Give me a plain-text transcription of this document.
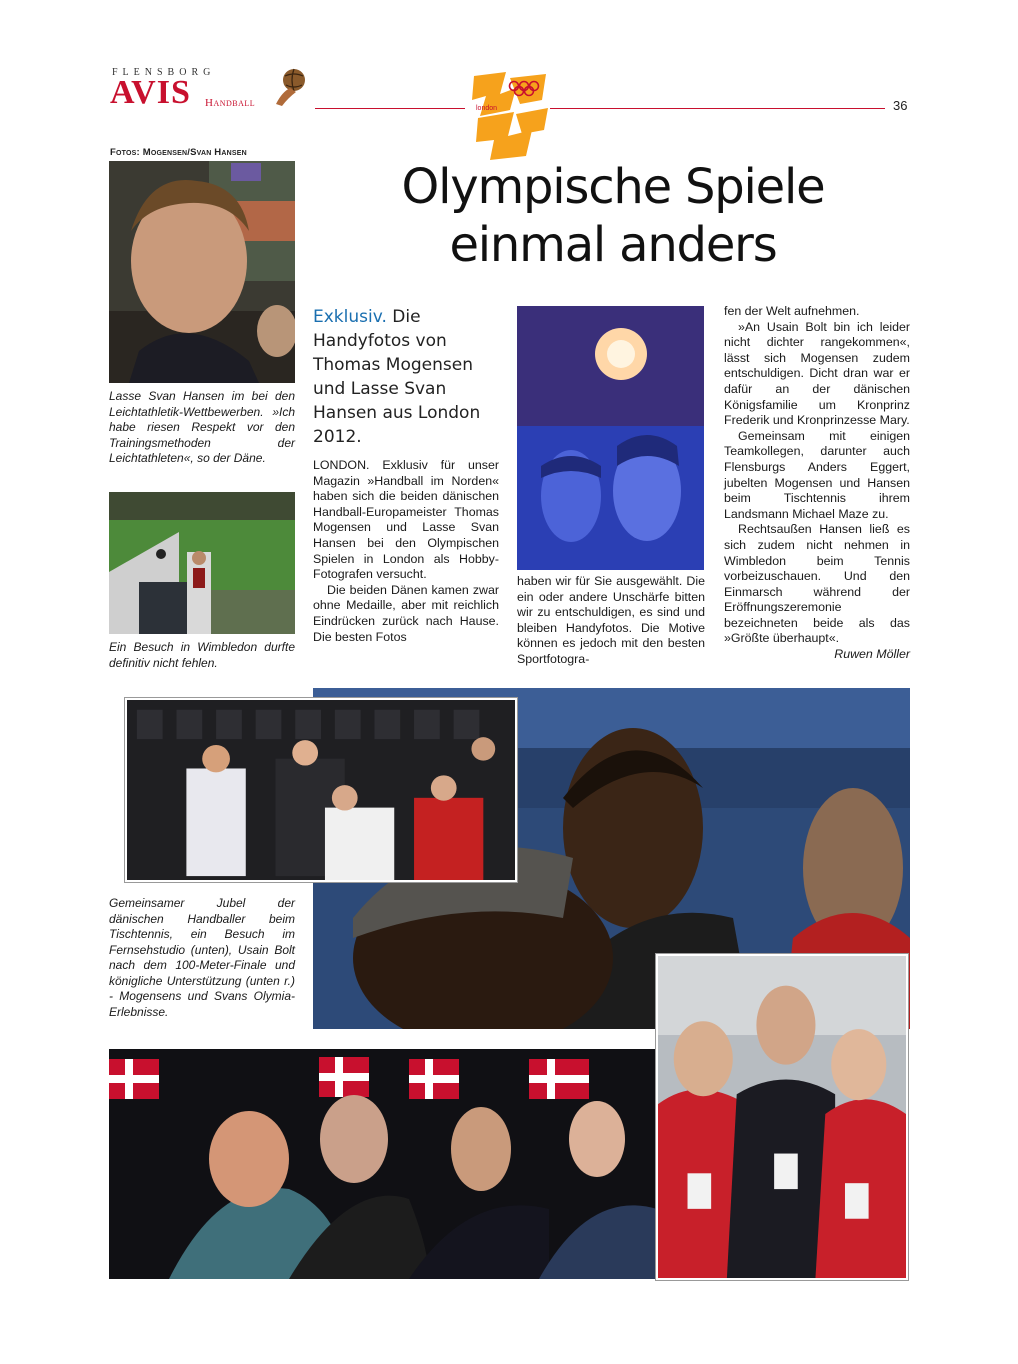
FLENSBORG
AVIS Handball	36
london
Fotos: Mogensen/Svan Hansen
Lasse Svan Hansen im bei den Leichtathletik-Wettbewerben. »Ich habe riesen Respekt vor den Trainingsmethoden der Leichtathleten«, so der Däne.
Ein Besuch in Wimbledon durfte definitiv nicht fehlen.
Olympische Spiele
einmal anders
Exklusiv. Die Handyfotos von Thomas Mogensen und Lasse Svan Hansen aus London 2012.

LONDON. Exklusiv für unser Magazin »Handball im Norden« haben sich die beiden dänischen Handball-Europameister Thomas Mogensen und Lasse Svan Hansen bei den Olympischen Spielen in London als Hobby-Fotografen versucht.

Die beiden Dänen kamen zwar ohne Medaille, aber mit reichlich Eindrücken zurück nach Hause. Die besten Fotos

haben wir für Sie ausgewählt. Die ein oder andere Unschärfe bitten wir zu entschuldigen, es sind und bleiben Handyfotos. Die Motive können es jedoch mit den besten Sportfotogra-

fen der Welt aufnehmen.

»An Usain Bolt bin ich leider nicht dichter rangekommen«, lässt sich Mogensen zudem entschuldigen. Dicht dran war er dafür an der dänischen Königsfamilie um Kronprinz Frederik und Kronprinzesse Mary.

Gemeinsam mit einigen Teamkollegen, darunter auch Flensburgs Anders Eggert, jubelten Mogensen und Hansen beim Tischtennis ihrem Landsmann Michael Maze zu.

Rechtsaußen Hansen ließ es sich zudem nicht nehmen in Wimbledon beim Tennis vorbeizuschauen. Und den Einmarsch während der Eröffnungszeremonie bezeichneten beide als das »Größte überhaupt«.

Ruwen Möller
Gemeinsamer Jubel der dänischen Handballer beim Tischtennis, ein Besuch im Fernsehstudio (unten), Usain Bolt nach dem 100-Meter-Finale und königliche Unterstützung (unten r.) - Mogensens und Svans Olymia-Erlebnisse.
